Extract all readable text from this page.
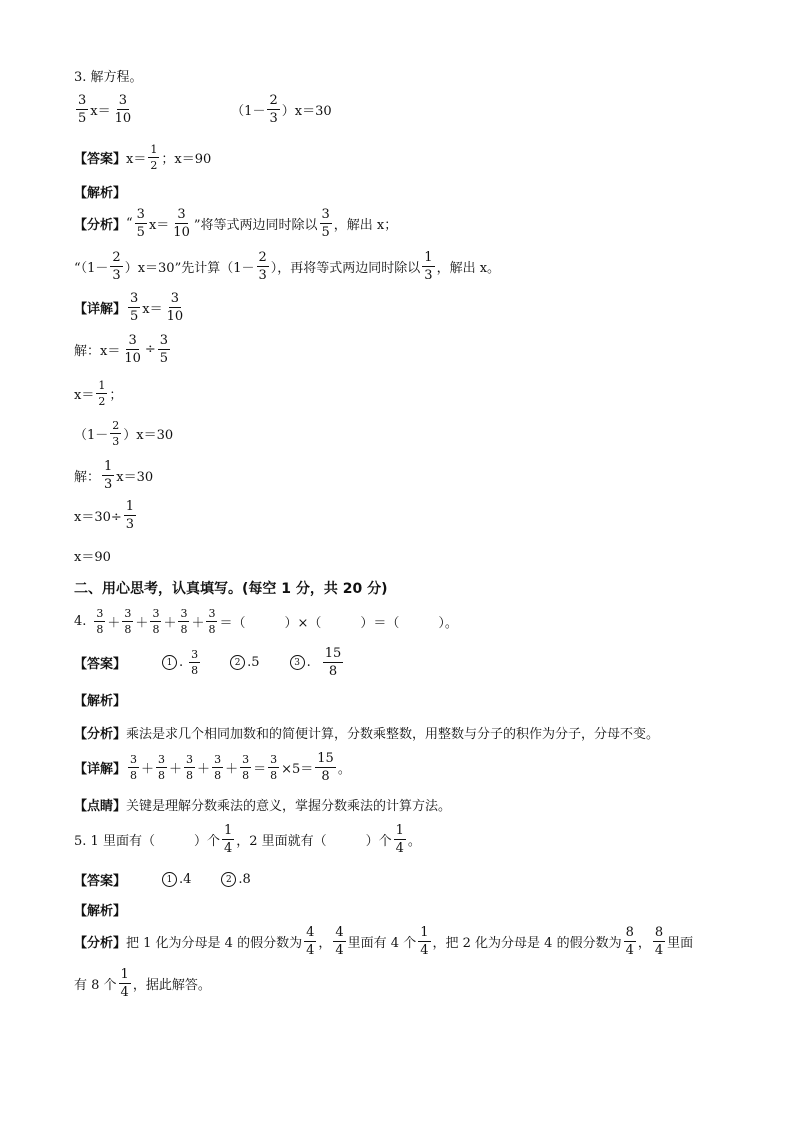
3. 解方程。
$\frac{3}{5} x= \frac{3}{10}$	$(1- \frac{2}{3} )x=30$
【答案】 $x= \frac{1}{2}$ ；x＝90
【解析】
【分析】 “ $\frac{3}{5} x= \frac{3}{10}$ ”将等式两边同时除以 $\frac{3}{5}$ ，解出 x；
“$(1- \frac{2}{3} )x=30$”先计算（$1- \frac{2}{3}$ ），再将等式两边同时除以 $\frac{1}{3}$ ，解出 x。
【详解】 $\frac{3}{5} x= \frac{3}{10}$
解：$x= \frac{3}{10} \div \frac{3}{5}$
$x= \frac{1}{2}$ ；
$(1- \frac{2}{3} )x=30$
解： $\frac{1}{3} x=30$
$x=30\div \frac{1}{3}$
x＝90
二、用心思考，认真填写。(每空 1 分，共 20 分)
4. $\frac{3}{8} + \frac{3}{8} + \frac{3}{8} + \frac{3}{8} + \frac{3}{8}$ ＝（　　　）×（　　　）＝（　　　）。
【答案】	1 . $\frac{3}{8}$	2 .5	3 . $\frac{15}{8}$
【解析】
【分析】 乘法是求几个相同加数和的简便计算，分数乘整数，用整数与分子的积作为分子，分母不变。
【详解】 $\frac{3}{8} + \frac{3}{8} + \frac{3}{8} + \frac{3}{8} + \frac{3}{8} = \frac{3}{8} \times 5= \frac{15}{8}$ 。
【点睛】 关键是理解分数乘法的意义，掌握分数乘法的计算方法。
5. 1 里面有（　　　）个 $\frac{1}{4}$ ，2 里面就有（　　　）个 $\frac{1}{4}$ 。
【答案】	1 .4	2 .8
【解析】
【分析】 把 1 化为分母是 4 的假分数为 $\frac{4}{4}$ ， $\frac{4}{4}$ 里面有 4 个 $\frac{1}{4}$ ，把 2 化为分母是 4 的假分数为 $\frac{8}{4}$ ， $\frac{8}{4}$ 里面
有 8 个 $\frac{1}{4}$ ，据此解答。
